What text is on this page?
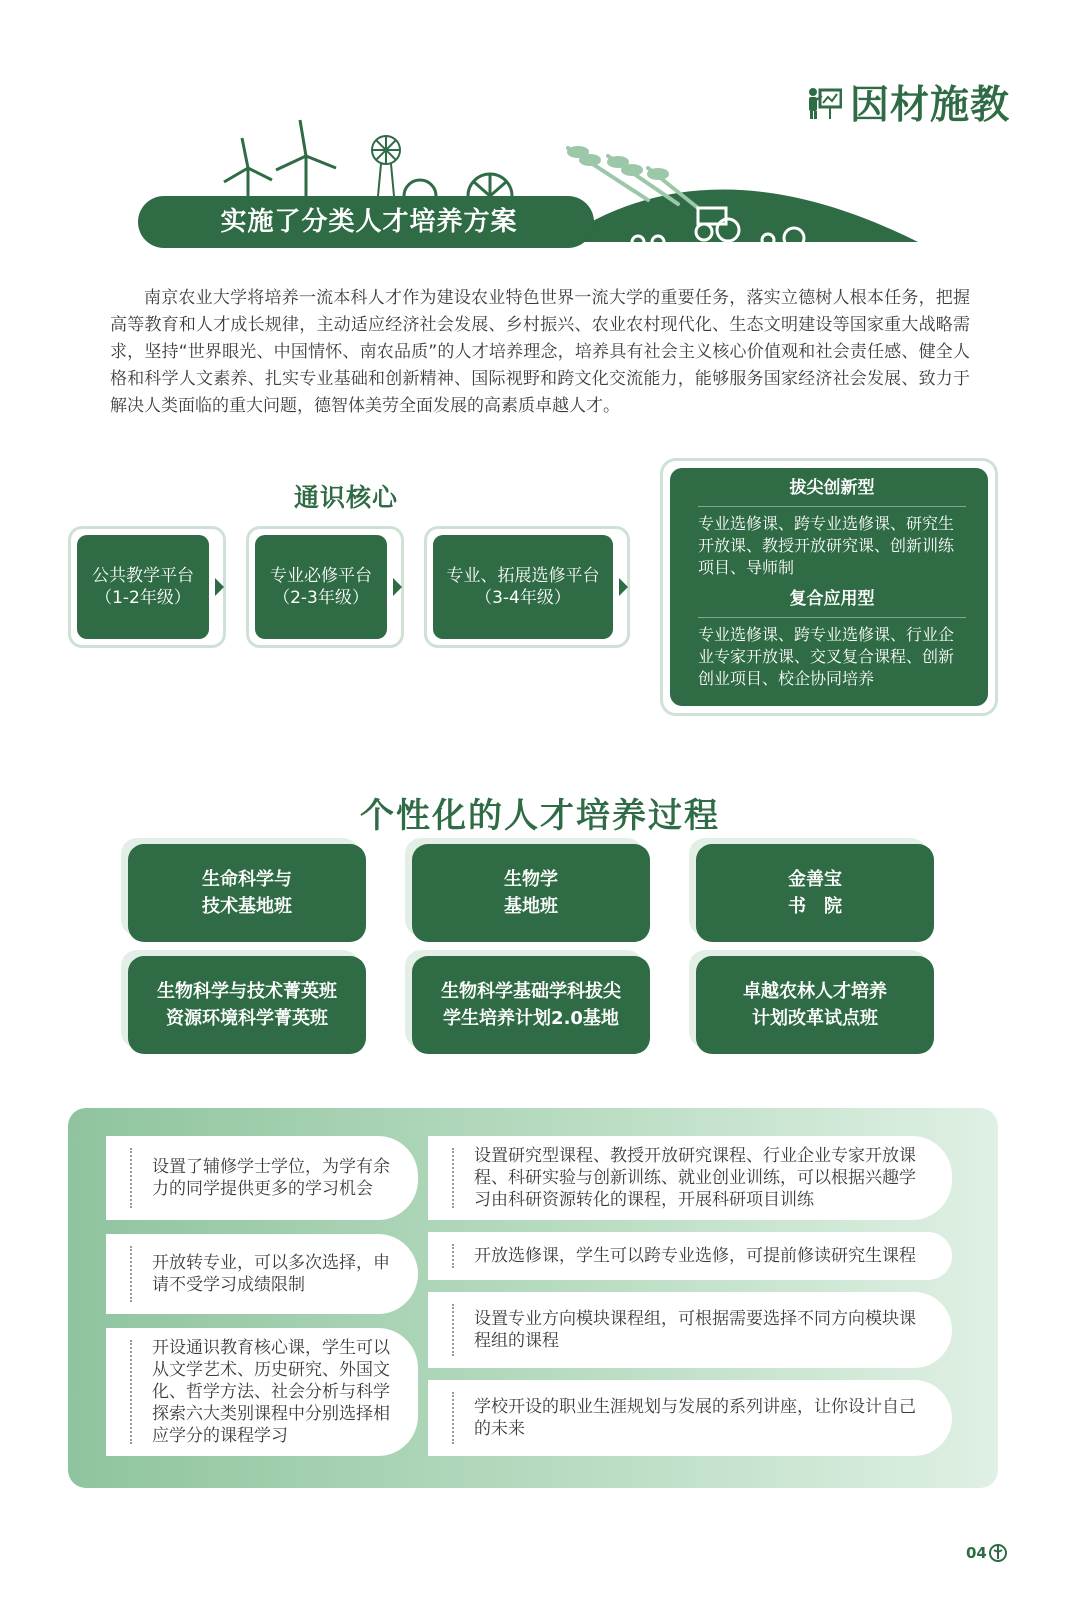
因材施教
实施了分类人才培养方案
南京农业大学将培养一流本科人才作为建设农业特色世界一流大学的重要任务，落实立德树人根本任务，把握高等教育和人才成长规律，主动适应经济社会发展、乡村振兴、农业农村现代化、生态文明建设等国家重大战略需求，坚持“世界眼光、中国情怀、南农品质”的人才培养理念，培养具有社会主义核心价值观和社会责任感、健全人格和科学人文素养、扎实专业基础和创新精神、国际视野和跨文化交流能力，能够服务国家经济社会发展、致力于解决人类面临的重大问题，德智体美劳全面发展的高素质卓越人才。
通识核心
公共教学平台
（1-2年级）
专业必修平台
（2-3年级）
专业、拓展选修平台
（3-4年级）
拔尖创新型
专业选修课、跨专业选修课、研究生开放课、教授开放研究课、创新训练项目、导师制
复合应用型
专业选修课、跨专业选修课、行业企业专家开放课、交叉复合课程、创新创业项目、校企协同培养
个性化的人才培养过程
生命科学与
技术基地班
生物学
基地班
金善宝
书　院
生物科学与技术菁英班
资源环境科学菁英班
生物科学基础学科拔尖
学生培养计划2.0基地
卓越农林人才培养
计划改革试点班
设置了辅修学士学位，为学有余力的同学提供更多的学习机会
开放转专业，可以多次选择，申请不受学习成绩限制
开设通识教育核心课，学生可以从文学艺术、历史研究、外国文化、哲学方法、社会分析与科学探索六大类别课程中分别选择相应学分的课程学习
设置研究型课程、教授开放研究课程、行业企业专家开放课程、科研实验与创新训练、就业创业训练，可以根据兴趣学习由科研资源转化的课程，开展科研项目训练
开放选修课，学生可以跨专业选修，可提前修读研究生课程
设置专业方向模块课程组，可根据需要选择不同方向模块课程组的课程
学校开设的职业生涯规划与发展的系列讲座，让你设计自己的未来
04
